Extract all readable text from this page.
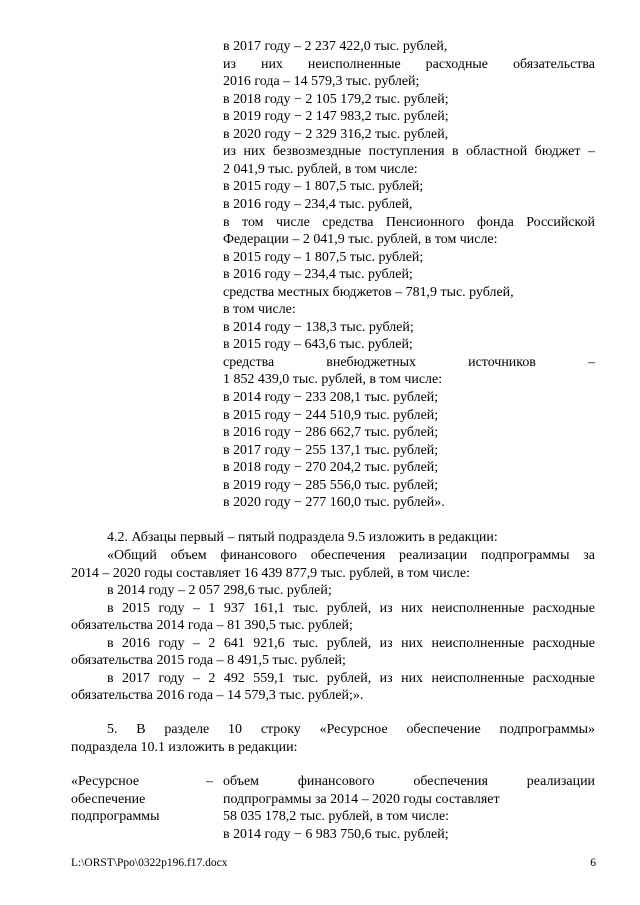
в 2017 году – 2 237 422,0 тыс. рублей,
из них неисполненные расходные обязательства
2016 года – 14 579,3 тыс. рублей;
в 2018 году − 2 105 179,2 тыс. рублей;
в 2019 году − 2 147 983,2 тыс. рублей;
в 2020 году − 2 329 316,2 тыс. рублей,
из них безвозмездные поступления в областной бюджет –
2 041,9 тыс. рублей, в том числе:
в 2015 году – 1 807,5 тыс. рублей;
в 2016 году – 234,4 тыс. рублей,
в том числе средства Пенсионного фонда Российской
Федерации – 2 041,9 тыс. рублей, в том числе:
в 2015 году – 1 807,5 тыс. рублей;
в 2016 году – 234,4 тыс. рублей;
средства местных бюджетов – 781,9 тыс. рублей,
в том числе:
в 2014 году − 138,3 тыс. рублей;
в 2015 году – 643,6 тыс. рублей;
средства внебюджетных источников –
1 852 439,0 тыс. рублей, в том числе:
в 2014 году − 233 208,1 тыс. рублей;
в 2015 году − 244 510,9 тыс. рублей;
в 2016 году − 286 662,7 тыс. рублей;
в 2017 году − 255 137,1 тыс. рублей;
в 2018 году − 270 204,2 тыс. рублей;
в 2019 году − 285 556,0 тыс. рублей;
в 2020 году − 277 160,0 тыс. рублей».
4.2. Абзацы первый – пятый подраздела 9.5 изложить в редакции:
«Общий объем финансового обеспечения реализации подпрограммы за
2014 – 2020 годы составляет 16 439 877,9 тыс. рублей, в том числе:
в 2014 году – 2 057 298,6 тыс. рублей;
в 2015 году – 1 937 161,1 тыс. рублей, из них неисполненные расходные
обязательства 2014 года – 81 390,5 тыс. рублей;
в 2016 году – 2 641 921,6 тыс. рублей, из них неисполненные расходные
обязательства 2015 года – 8 491,5 тыс. рублей;
в 2017 году – 2 492 559,1 тыс. рублей, из них неисполненные расходные
обязательства 2016 года – 14 579,3 тыс. рублей;».
5. В разделе 10 строку «Ресурсное обеспечение подпрограммы»
подраздела 10.1 изложить в редакции:
«Ресурсное
обеспечение
подпрограммы
– объем финансового обеспечения реализации
подпрограммы за 2014 – 2020 годы составляет
58 035 178,2 тыс. рублей, в том числе:
в 2014 году − 6 983 750,6 тыс. рублей;
L:\ORST\Ppo\0322p196.f17.docx	6
